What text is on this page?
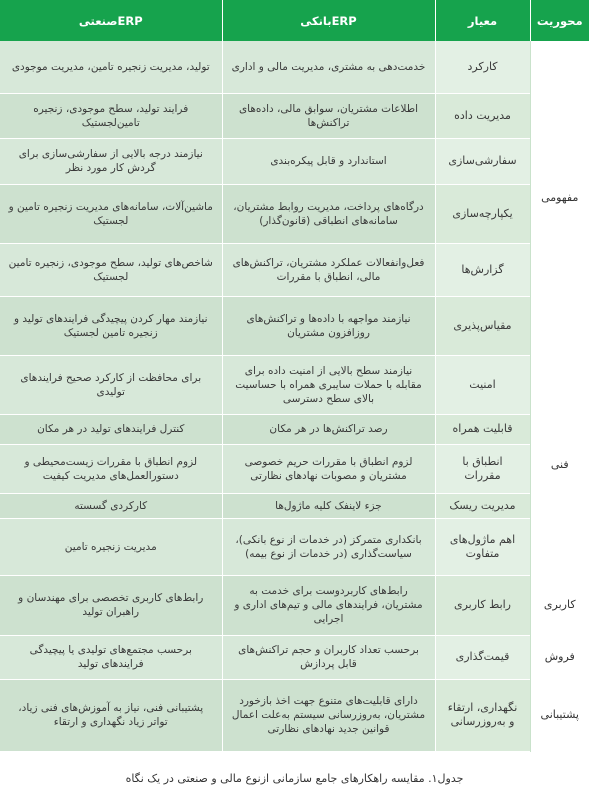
محوریت	معیار	ERPبانکی	ERPصنعتی
مفهومی	کارکرد	خدمت‌دهی به مشتری، مدیریت مالی و اداری	تولید، مدیریت زنجیره تامین، مدیریت موجودی
	مدیریت داده	اطلاعات مشتریان، سوابق مالی، داده‌های تراکنش‌ها	فرایند تولید، سطح موجودی، زنجیره تامین‌لجستیک
	سفارشی‌سازی	استاندارد و قابل پیکره‌بندی	نیازمند درجه بالایی از سفارشی‌سازی برای گردش کار مورد نظر
	یکپارچه‌سازی	درگاه‌های پرداخت، مدیریت روابط مشتریان، سامانه‌های انطباقی (قانون‌گذار)	ماشین‌آلات، سامانه‌های مدیریت زنجیره تامین و لجستیک
	گزارش‌ها	فعل‌وانفعالات عملکرد مشتریان، تراکنش‌های مالی، انطباق با مقررات	شاخص‌های تولید، سطح موجودی، زنجیره تامین لجستیک
	مقیاس‌پذیری	نیازمند مواجهه با داده‌ها و تراکنش‌های روزافزون مشتریان	نیازمند مهار کردن پیچیدگی فرایندهای تولید و زنجیره تامین لجستیک
فنی	امنیت	نیازمند سطح بالایی از امنیت داده برای مقابله با حملات سایبری همراه با حساسیت بالای سطح دسترسی	برای محافظت از کارکرد صحیح فرایندهای تولیدی
	قابلیت همراه	رصد تراکنش‌ها در هر مکان	کنترل فرایندهای تولید در هر مکان
	انطباق با مقررات	لزوم انطباق با مقررات حریم خصوصی مشتریان و مصوبات نهادهای نظارتی	لزوم انطباق با مقررات زیست‌محیطی و دستورالعمل‌های مدیریت کیفیت
	مدیریت ریسک	جزء لاینفک کلیه ماژول‌ها	کارکردی گسسته
	اهم ماژول‌های متفاوت	بانکداری متمرکز (در خدمات از نوع بانکی)، سیاست‌گذاری (در خدمات از نوع بیمه)	مدیریت زنجیره تامین
کاربری	رابط کاربری	رابط‌های کاربردوست برای خدمت به مشتریان، فرایندهای مالی و تیم‌های اداری و اجرایی	رابط‌های کاربری تخصصی برای مهندسان و راهبران تولید
فروش	قیمت‌گذاری	برحسب تعداد کاربران و حجم تراکنش‌های قابل پردازش	برحسب مجتمع‌های تولیدی یا پیچیدگی فرایندهای تولید
پشتیبانی	نگهداری، ارتقاء و به‌روزرسانی	دارای قابلیت‌های متنوع جهت اخذ بازخورد مشتریان، به‌روزرسانی سیستم به‌علت اعمال قوانین جدید نهادهای نظارتی	پشتیبانی فنی، نیاز به آموزش‌های فنی زیاد، تواتر زیاد نگهداری و ارتقاء
جدول۱. مقایسه راهکارهای جامع سازمانی ازنوع مالی و صنعتی در یک نگاه
